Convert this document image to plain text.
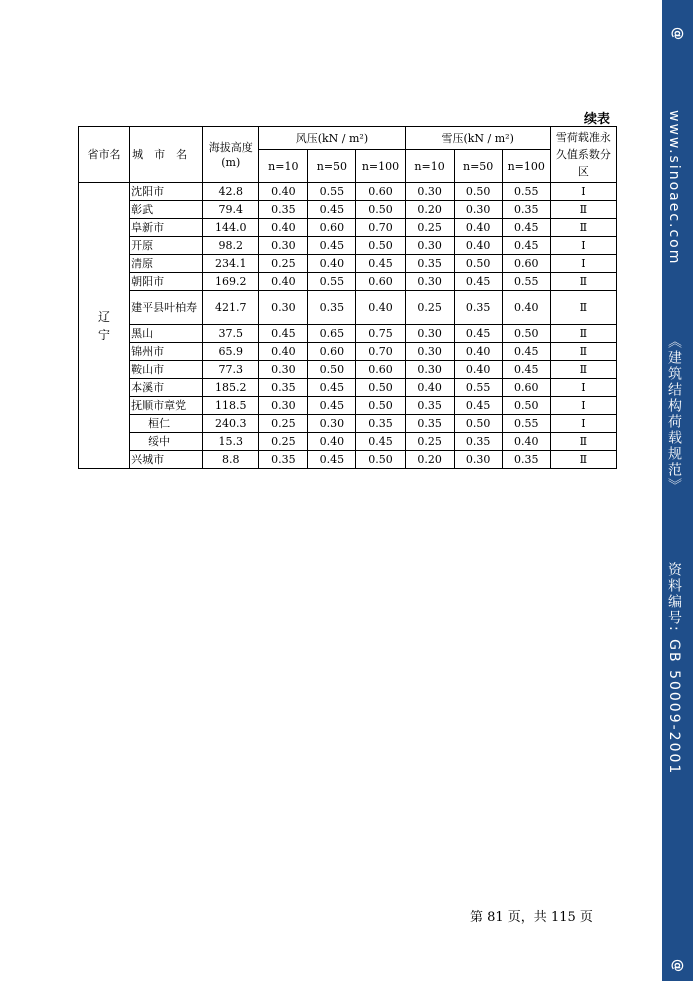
续表
省市名	城　市　名	海拔高度(m)	风压(kN / m²)			雪压(kN / m²)			雪荷载准永久值系数分区
			n=10	n=50	n=100	n=10	n=50	n=100	
辽宁	沈阳市	42.8	0.40	0.55	0.60	0.30	0.50	0.55	Ⅰ
	彰武	79.4	0.35	0.45	0.50	0.20	0.30	0.35	Ⅱ
	阜新市	144.0	0.40	0.60	0.70	0.25	0.40	0.45	Ⅱ
	开原	98.2	0.30	0.45	0.50	0.30	0.40	0.45	Ⅰ
	清原	234.1	0.25	0.40	0.45	0.35	0.50	0.60	Ⅰ
	朝阳市	169.2	0.40	0.55	0.60	0.30	0.45	0.55	Ⅱ
	建平县叶柏寿	421.7	0.30	0.35	0.40	0.25	0.35	0.40	Ⅱ
	黑山	37.5	0.45	0.65	0.75	0.30	0.45	0.50	Ⅱ
	锦州市	65.9	0.40	0.60	0.70	0.30	0.40	0.45	Ⅱ
	鞍山市	77.3	0.30	0.50	0.60	0.30	0.40	0.45	Ⅱ
	本溪市	185.2	0.35	0.45	0.50	0.40	0.55	0.60	Ⅰ
	抚顺市章党	118.5	0.30	0.45	0.50	0.35	0.45	0.50	Ⅰ
	桓仁	240.3	0.25	0.30	0.35	0.35	0.50	0.55	Ⅰ
	绥中	15.3	0.25	0.40	0.45	0.25	0.35	0.40	Ⅱ
	兴城市	8.8	0.35	0.45	0.50	0.20	0.30	0.35	Ⅱ
第 81 页，共 115 页
@
www.sinoaec.com 《建筑结构荷载规范》 资料编号: GB 50009-2001
@
